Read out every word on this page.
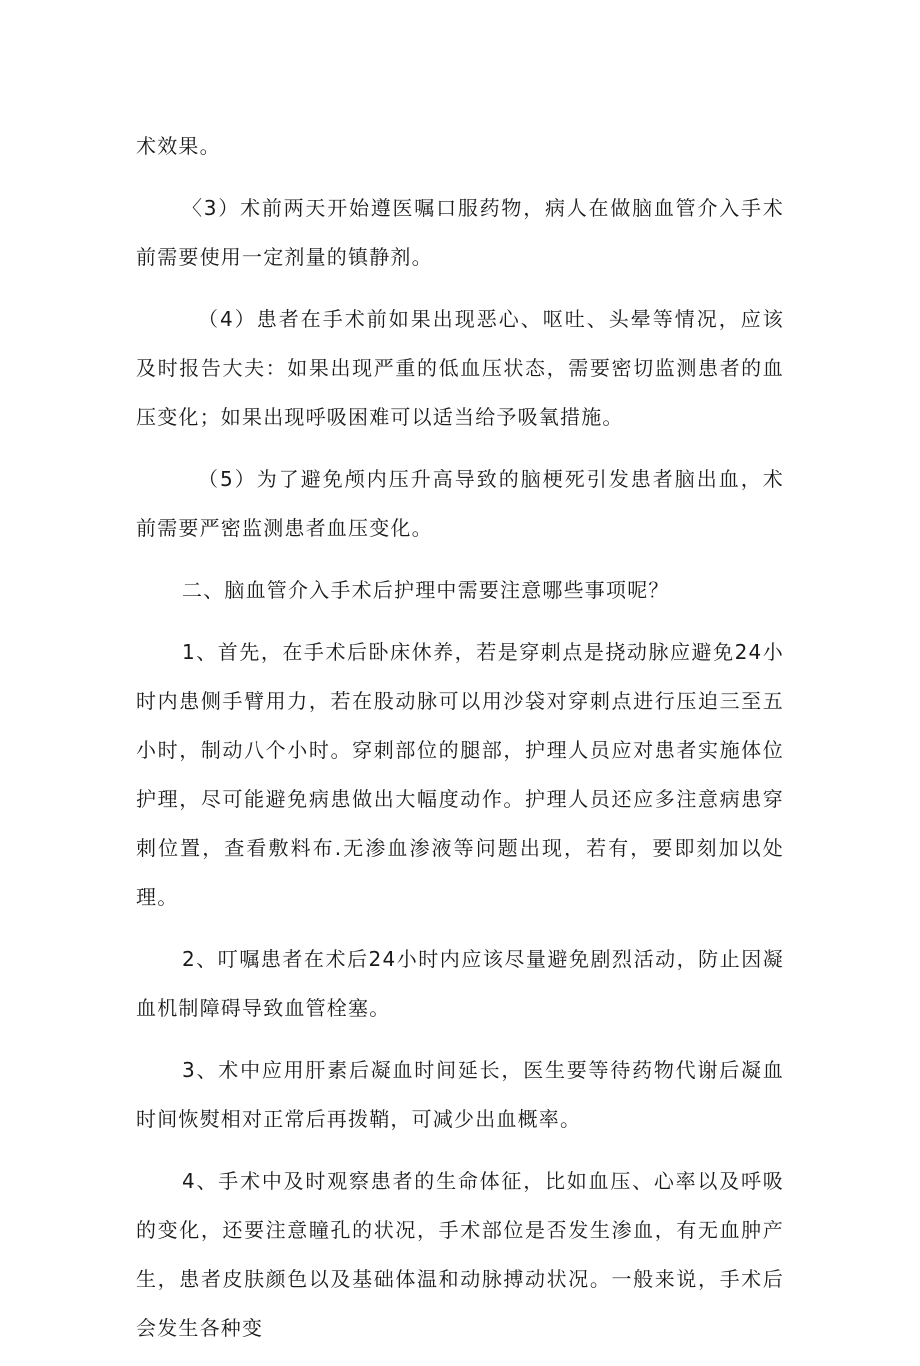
术效果。

〈3）术前两天开始遵医嘱口服药物，病人在做脑血管介入手术前需要使用一定剂量的镇静剂。

（4）患者在手术前如果出现恶心、呕吐、头晕等情况，应该及时报告大夫：如果出现严重的低血压状态，需要密切监测患者的血压变化；如果出现呼吸困难可以适当给予吸氧措施。

（5）为了避免颅内压升高导致的脑梗死引发患者脑出血，术前需要严密监测患者血压变化。

二、脑血管介入手术后护理中需要注意哪些事项呢？

1、首先，在手术后卧床休养，若是穿刺点是挠动脉应避免24小时内患侧手臂用力，若在股动脉可以用沙袋对穿刺点进行压迫三至五小时，制动八个小时。穿刺部位的腿部，护理人员应对患者实施体位护理，尽可能避免病患做出大幅度动作。护理人员还应多注意病患穿刺位置，查看敷料布.无渗血渗液等问题出现，若有，要即刻加以处理。

2、叮嘱患者在术后24小时内应该尽量避免剧烈活动，防止因凝血机制障碍导致血管栓塞。

3、术中应用肝素后凝血时间延长，医生要等待药物代谢后凝血时间恢熨相对正常后再拨鞘，可减少出血概率。

4、手术中及时观察患者的生命体征，比如血压、心率以及呼吸的变化，还要注意瞳孔的状况，手术部位是否发生渗血，有无血肿产生，患者皮肤颜色以及基础体温和动脉搏动状况。一般来说，手术后会发生各种变
